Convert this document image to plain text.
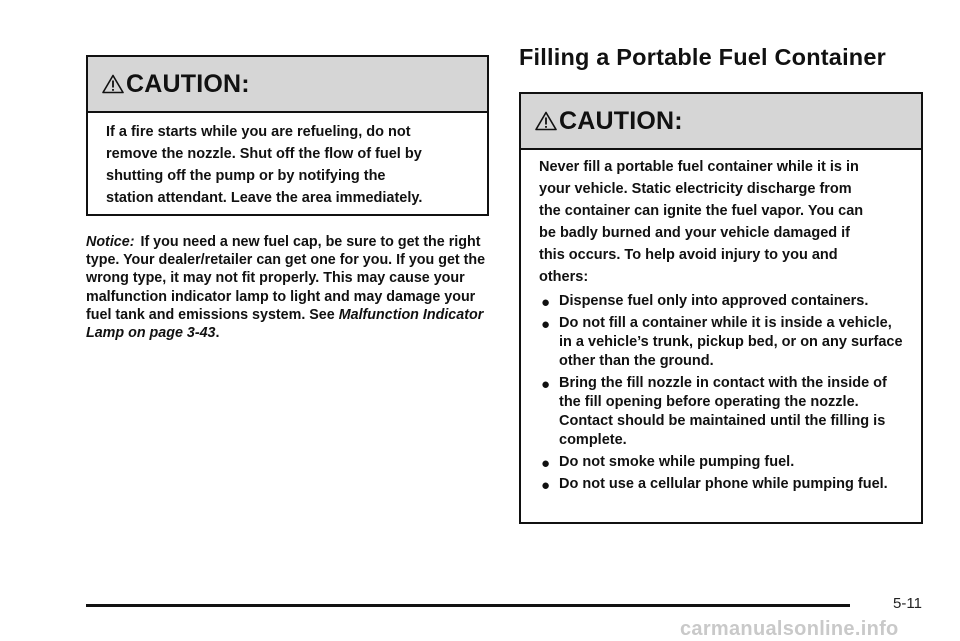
CAUTION:
If a fire starts while you are refueling, do not
remove the nozzle. Shut off the flow of fuel by
shutting off the pump or by notifying the
station attendant. Leave the area immediately.
Notice: If you need a new fuel cap, be sure to get the right type. Your dealer/retailer can get one for you. If you get the wrong type, it may not fit properly. This may cause your malfunction indicator lamp to light and may damage your fuel tank and emissions system. See Malfunction Indicator Lamp on page 3-43.
Filling a Portable Fuel Container
CAUTION:
Never fill a portable fuel container while it is in
your vehicle. Static electricity discharge from
the container can ignite the fuel vapor. You can
be badly burned and your vehicle damaged if
this occurs. To help avoid injury to you and
others:
● Dispense fuel only into approved containers.
● Do not fill a container while it is inside a vehicle, in a vehicle’s trunk, pickup bed, or on any surface other than the ground.
● Bring the fill nozzle in contact with the inside of the fill opening before operating the nozzle. Contact should be maintained until the filling is complete.
● Do not smoke while pumping fuel.
● Do not use a cellular phone while pumping fuel.
5-11
carmanualsonline.info
